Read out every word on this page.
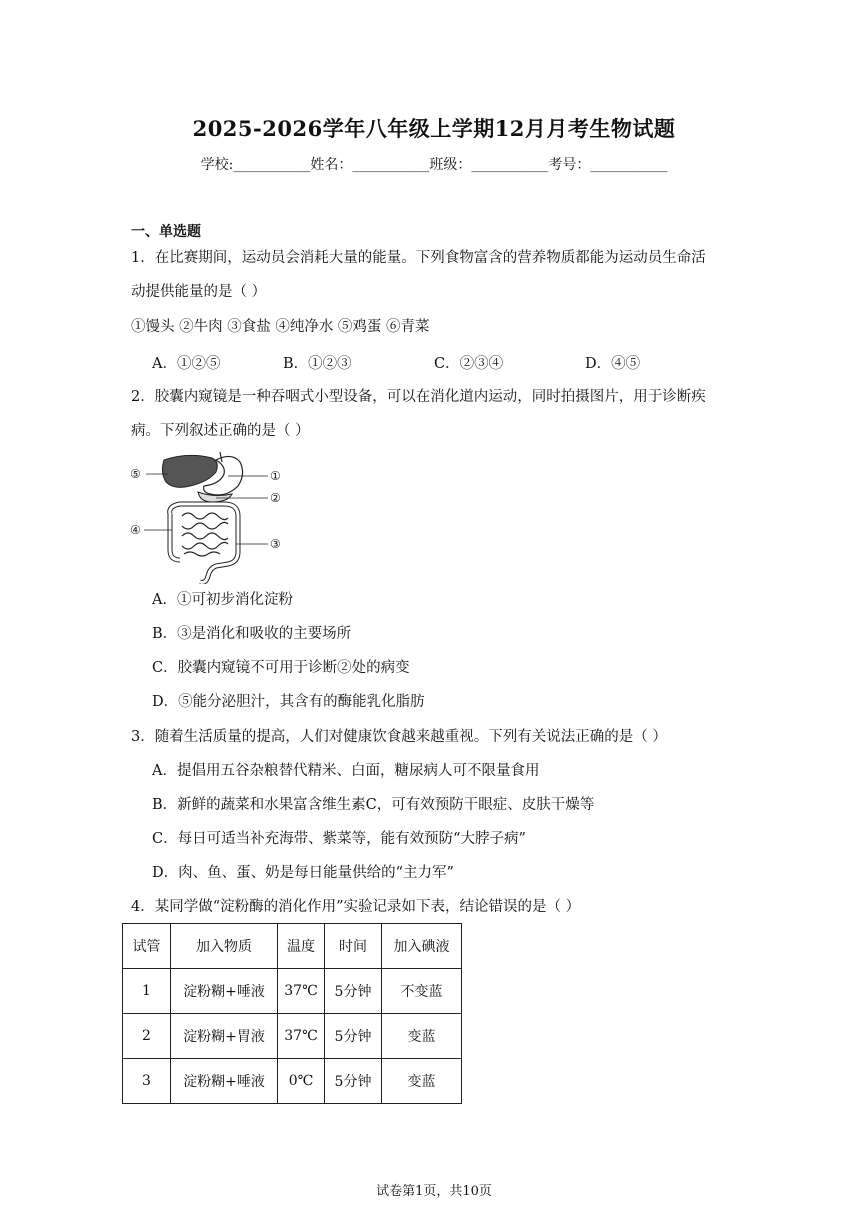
2025-2026学年八年级上学期12月月考生物试题
学校:___________姓名：___________班级：___________考号：___________
一、单选题
1．在比赛期间，运动员会消耗大量的能量。下列食物富含的营养物质都能为运动员生命活
动提供能量的是（ ）
①馒头 ②牛肉 ③食盐 ④纯净水 ⑤鸡蛋 ⑥青菜
A．①②⑤	B．①②③	C．②③④	D．④⑤
2．胶囊内窥镜是一种吞咽式小型设备，可以在消化道内运动，同时拍摄图片，用于诊断疾
病。下列叙述正确的是（ ）
⑤	①
②
④
③
A．①可初步消化淀粉
B．③是消化和吸收的主要场所
C．胶囊内窥镜不可用于诊断②处的病变
D．⑤能分泌胆汁，其含有的酶能乳化脂肪
3．随着生活质量的提高，人们对健康饮食越来越重视。下列有关说法正确的是（ ）
A．提倡用五谷杂粮替代精米、白面，糖尿病人可不限量食用
B．新鲜的蔬菜和水果富含维生素C，可有效预防干眼症、皮肤干燥等
C．每日可适当补充海带、紫菜等，能有效预防“大脖子病”
D．肉、鱼、蛋、奶是每日能量供给的“主力军”
4．某同学做“淀粉酶的消化作用”实验记录如下表，结论错误的是（ ）
试管	加入物质	温度	时间	加入碘液
1	淀粉糊+唾液	37℃	5分钟	不变蓝
2	淀粉糊+胃液	37℃	5分钟	变蓝
3	淀粉糊+唾液	0℃	5分钟	变蓝
试卷第1页，共10页
